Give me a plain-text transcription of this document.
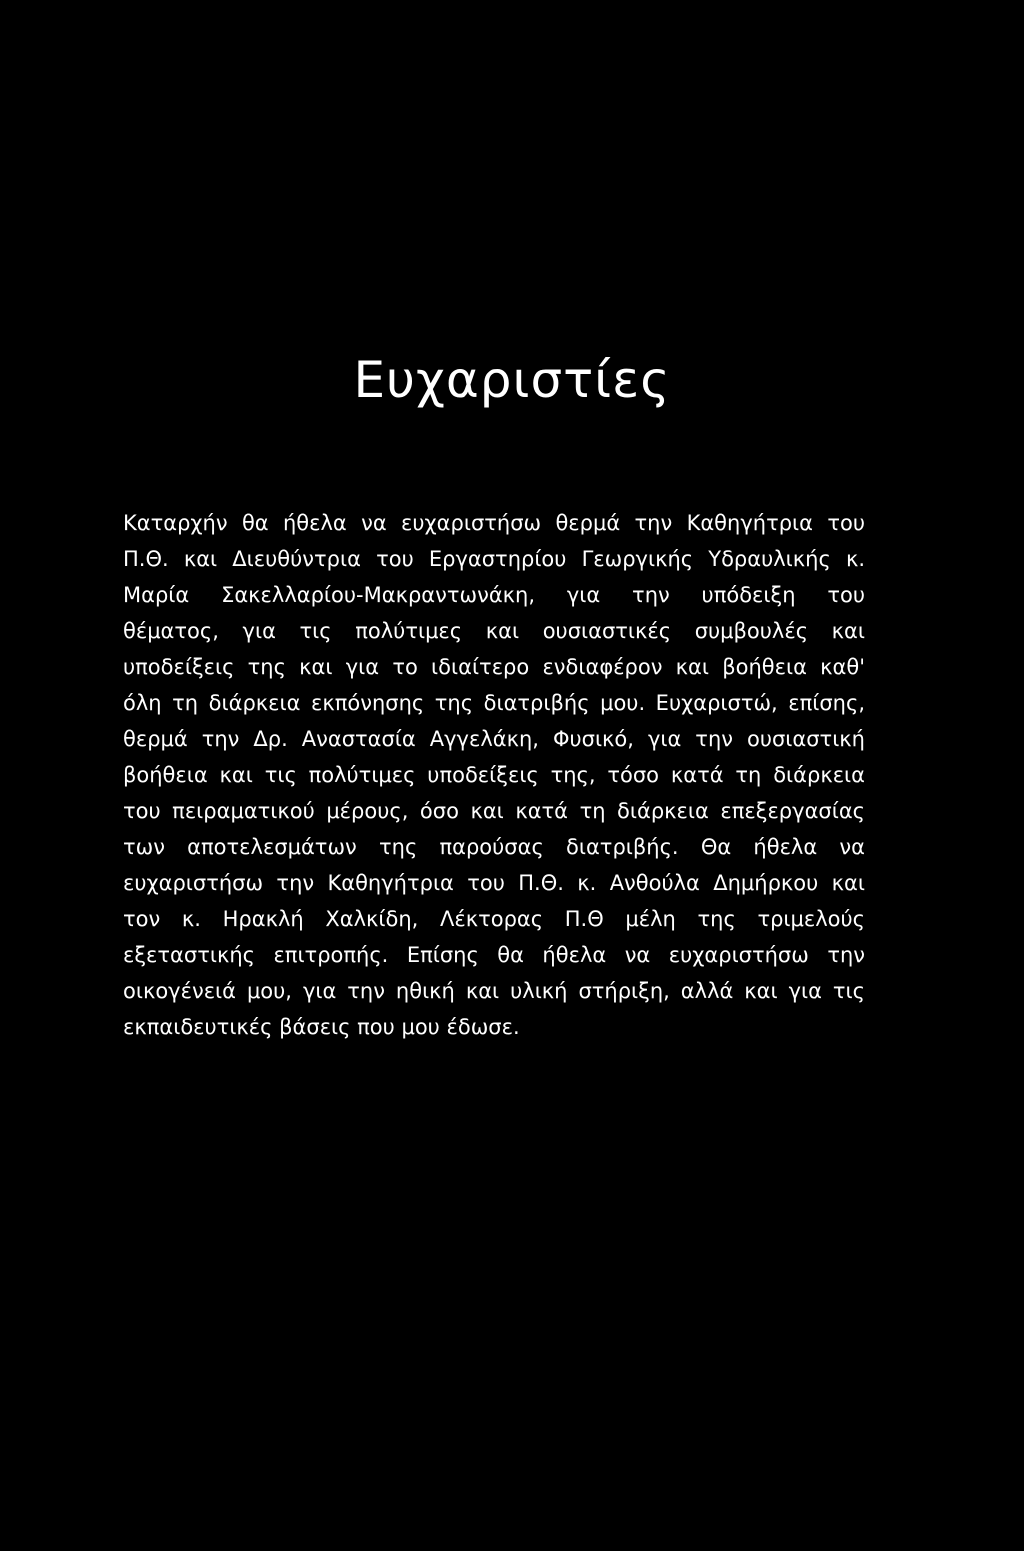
Ευχαριστίες
Καταρχήν θα ήθελα να ευχαριστήσω θερμά την Καθηγήτρια του
Π.Θ. και Διευθύντρια του Εργαστηρίου Γεωργικής Υδραυλικής κ.
Μαρία Σακελλαρίου-Μακραντωνάκη, για την υπόδειξη του
θέματος, για τις πολύτιμες και ουσιαστικές συμβουλές και
υποδείξεις της και για το ιδιαίτερο ενδιαφέρον και βοήθεια καθ'
όλη τη διάρκεια εκπόνησης της διατριβής μου. Ευχαριστώ, επίσης,
θερμά την Δρ. Αναστασία Αγγελάκη, Φυσικό, για την ουσιαστική
βοήθεια και τις πολύτιμες υποδείξεις της, τόσο κατά τη διάρκεια
του πειραματικού μέρους, όσο και κατά τη διάρκεια επεξεργασίας
των αποτελεσμάτων της παρούσας διατριβής. Θα ήθελα να
ευχαριστήσω την Καθηγήτρια του Π.Θ. κ. Ανθούλα Δημήρκου και
τον κ. Ηρακλή Χαλκίδη, Λέκτορας Π.Θ μέλη της τριμελούς
εξεταστικής επιτροπής. Επίσης θα ήθελα να ευχαριστήσω την
οικογένειά μου, για την ηθική και υλική στήριξη, αλλά και για τις
εκπαιδευτικές βάσεις που μου έδωσε.
